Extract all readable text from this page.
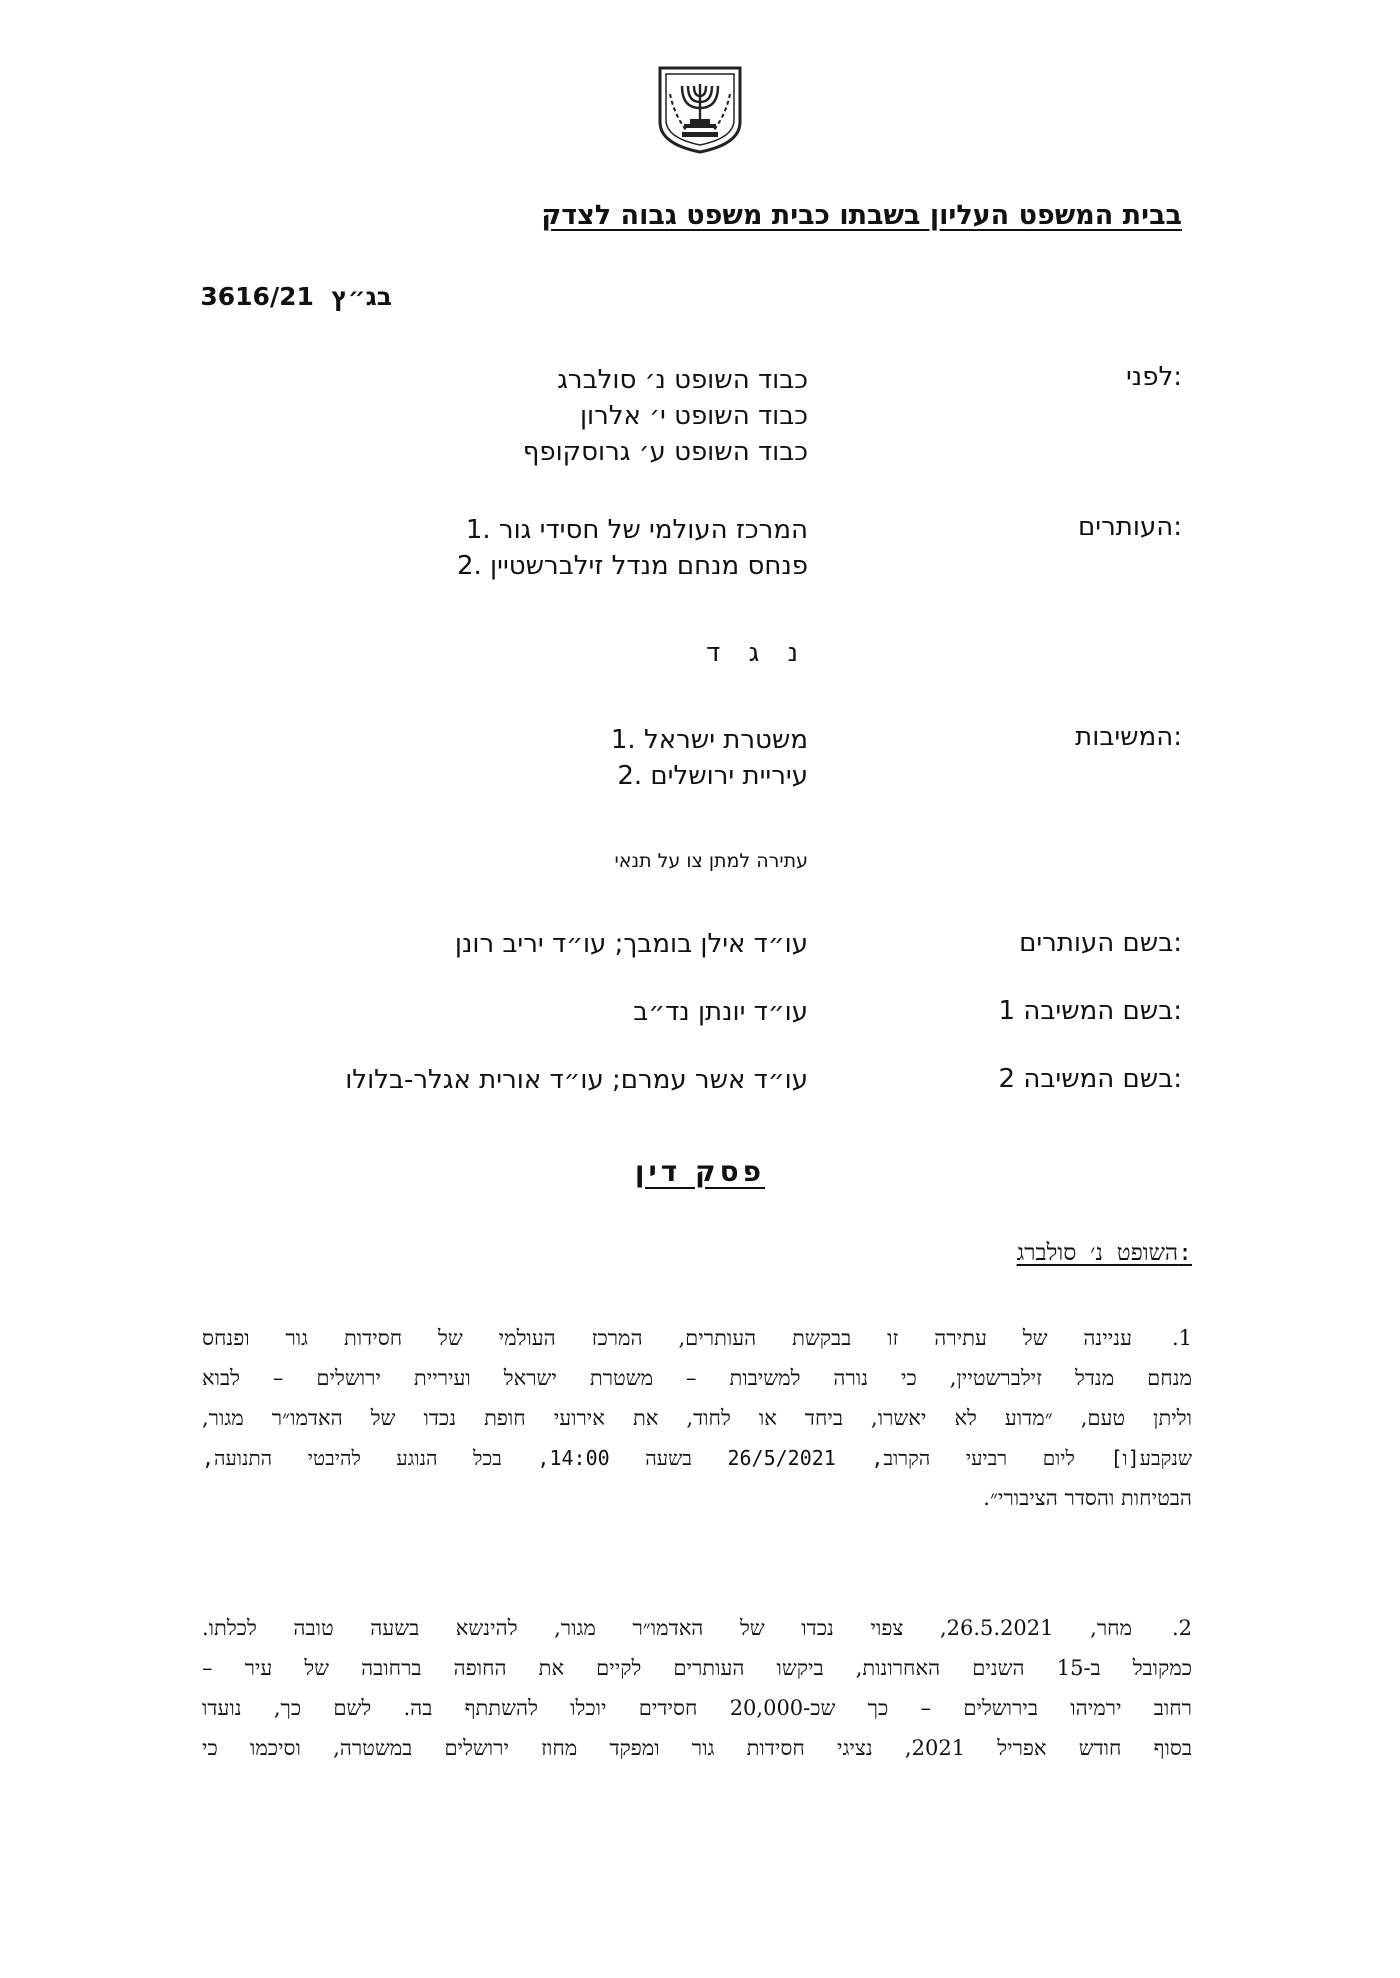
בבית המשפט העליון בשבתו כבית משפט גבוה לצדק
3616/21 בג״ץ
לפני:
כבוד השופט נ׳ סולברג
כבוד השופט י׳ אלרון
כבוד השופט ע׳ גרוסקופף
העותרים:
1. המרכז העולמי של חסידי גור
2. פנחס מנחם מנדל זילברשטיין
נ ג ד
המשיבות:
1. משטרת ישראל
2. עיריית ירושלים
עתירה למתן צו על תנאי
בשם העותרים:
עו״ד אילן בומבך; עו״ד יריב רונן
בשם המשיבה 1:
עו״ד יונתן נד״ב
בשם המשיבה 2:
עו״ד אשר עמרם; עו״ד אורית אגלר-בלולו
פסק דין
השופט נ׳ סולברג:
1.עניינה של עתירה זו בבקשת העותרים, המרכז העולמי של חסידות גור ופנחס
מנחם מנדל זילברשטיין, כי נורה למשיבות – משטרת ישראל ועיריית ירושלים – לבוא
וליתן טעם, ״מדוע לא יאשרו, ביחד או לחוד, את אירועי חופת נכדו של האדמו״ר מגור,
שנקבע[ו] ליום רביעי הקרוב, 26/5/2021 בשעה 14:00, בכל הנוגע להיבטי התנועה,
הבטיחות והסדר הציבורי״.
2.מחר, 26.5.2021, צפוי נכדו של האדמו״ר מגור, להינשא בשעה טובה לכלתו.
כמקובל ב-15 השנים האחרונות, ביקשו העותרים לקיים את החופה ברחובה של עיר –
רחוב ירמיהו בירושלים – כך שכ-20,000 חסידים יוכלו להשתתף בה. לשם כך, נועדו
בסוף חודש אפריל 2021, נציגי חסידות גור ומפקד מחוז ירושלים במשטרה, וסיכמו כי
